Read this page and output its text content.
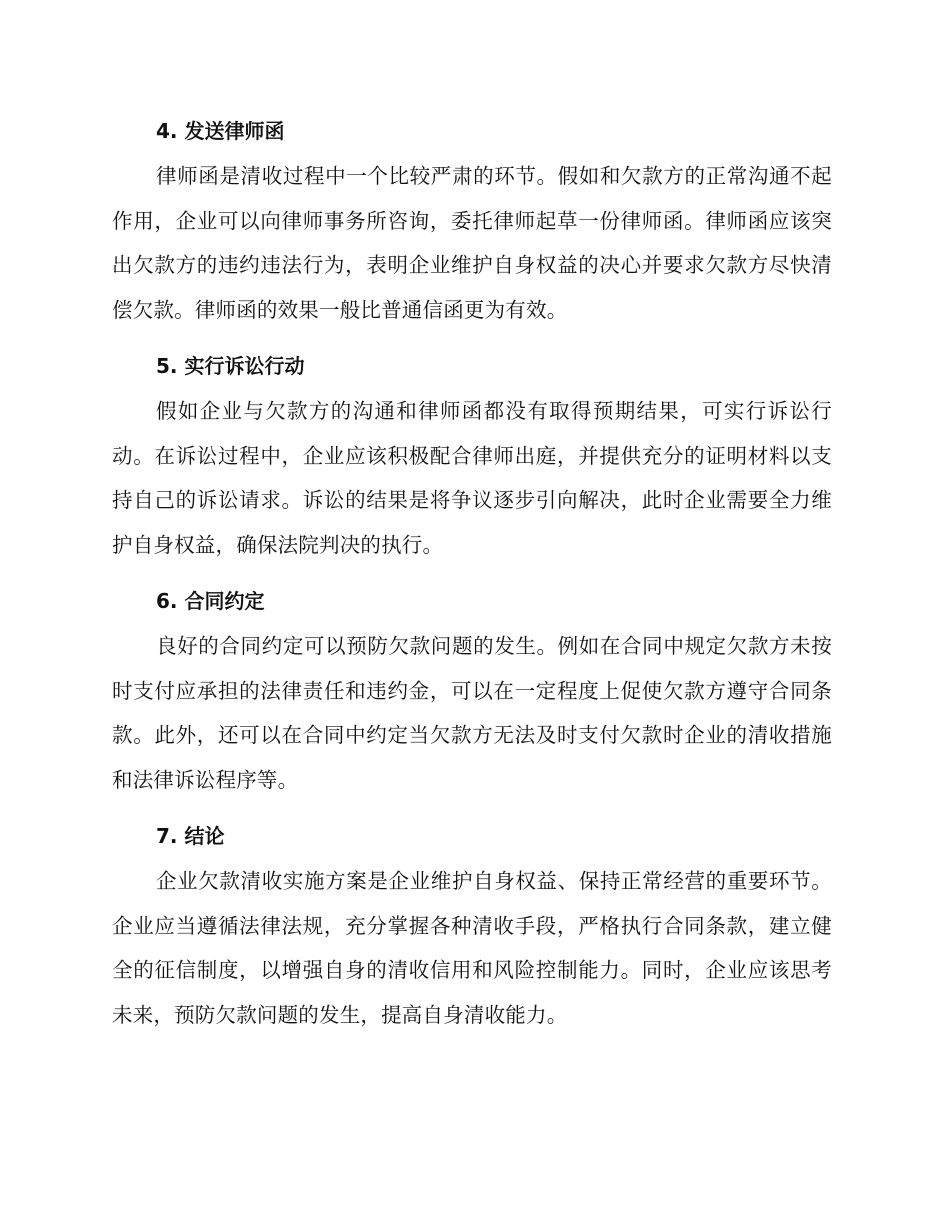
4. 发送律师函

律师函是清收过程中一个比较严肃的环节。假如和欠款方的正常沟通不起作用，企业可以向律师事务所咨询，委托律师起草一份律师函。律师函应该突出欠款方的违约违法行为，表明企业维护自身权益的决心并要求欠款方尽快清偿欠款。律师函的效果一般比普通信函更为有效。

5. 实行诉讼行动

假如企业与欠款方的沟通和律师函都没有取得预期结果，可实行诉讼行动。在诉讼过程中，企业应该积极配合律师出庭，并提供充分的证明材料以支持自己的诉讼请求。诉讼的结果是将争议逐步引向解决，此时企业需要全力维护自身权益，确保法院判决的执行。

6. 合同约定

良好的合同约定可以预防欠款问题的发生。例如在合同中规定欠款方未按时支付应承担的法律责任和违约金，可以在一定程度上促使欠款方遵守合同条款。此外，还可以在合同中约定当欠款方无法及时支付欠款时企业的清收措施和法律诉讼程序等。

7. 结论

企业欠款清收实施方案是企业维护自身权益、保持正常经营的重要环节。企业应当遵循法律法规，充分掌握各种清收手段，严格执行合同条款，建立健全的征信制度，以增强自身的清收信用和风险控制能力。同时，企业应该思考未来，预防欠款问题的发生，提高自身清收能力。
